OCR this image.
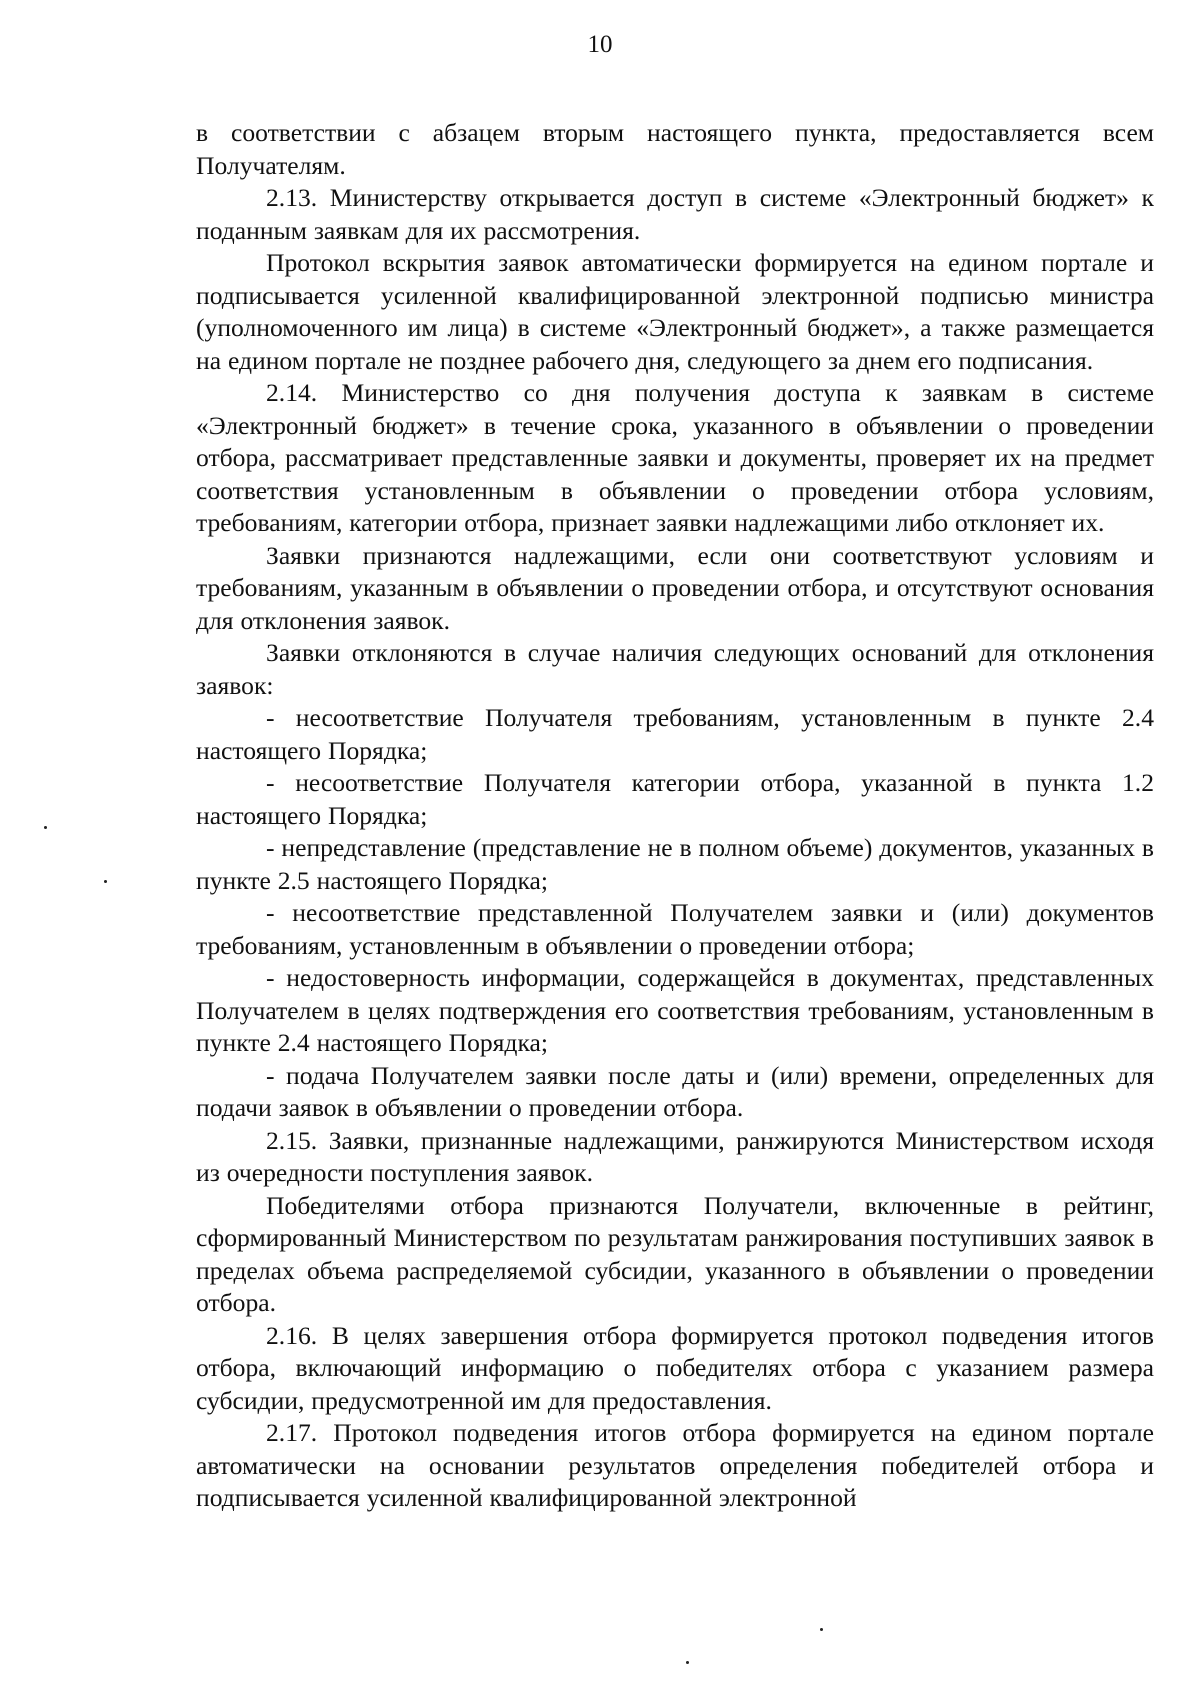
10

в соответствии с абзацем вторым настоящего пункта, предоставляется всем Получателям.

2.13. Министерству открывается доступ в системе «Электронный бюджет» к поданным заявкам для их рассмотрения.

Протокол вскрытия заявок автоматически формируется на едином портале и подписывается усиленной квалифицированной электронной подписью министра (уполномоченного им лица) в системе «Электронный бюджет», а также размещается на едином портале не позднее рабочего дня, следующего за днем его подписания.

2.14. Министерство со дня получения доступа к заявкам в системе «Электронный бюджет» в течение срока, указанного в объявлении о проведении отбора, рассматривает представленные заявки и документы, проверяет их на предмет соответствия установленным в объявлении о проведении отбора условиям, требованиям, категории отбора, признает заявки надлежащими либо отклоняет их.

Заявки признаются надлежащими, если они соответствуют условиям и требованиям, указанным в объявлении о проведении отбора, и отсутствуют основания для отклонения заявок.

Заявки отклоняются в случае наличия следующих оснований для отклонения заявок:

- несоответствие Получателя требованиям, установленным в пункте 2.4 настоящего Порядка;

- несоответствие Получателя категории отбора, указанной в пункта 1.2 настоящего Порядка;

- непредставление (представление не в полном объеме) документов, указанных в пункте 2.5 настоящего Порядка;

- несоответствие представленной Получателем заявки и (или) документов требованиям, установленным в объявлении о проведении отбора;

- недостоверность информации, содержащейся в документах, представленных Получателем в целях подтверждения его соответствия требованиям, установленным в пункте 2.4 настоящего Порядка;

- подача Получателем заявки после даты и (или) времени, определенных для подачи заявок в объявлении о проведении отбора.

2.15. Заявки, признанные надлежащими, ранжируются Министерством исходя из очередности поступления заявок.

Победителями отбора признаются Получатели, включенные в рейтинг, сформированный Министерством по результатам ранжирования поступивших заявок в пределах объема распределяемой субсидии, указанного в объявлении о проведении отбора.

2.16. В целях завершения отбора формируется протокол подведения итогов отбора, включающий информацию о победителях отбора с указанием размера субсидии, предусмотренной им для предоставления.

2.17. Протокол подведения итогов отбора формируется на едином портале автоматически на основании результатов определения победителей отбора и подписывается усиленной квалифицированной электронной
